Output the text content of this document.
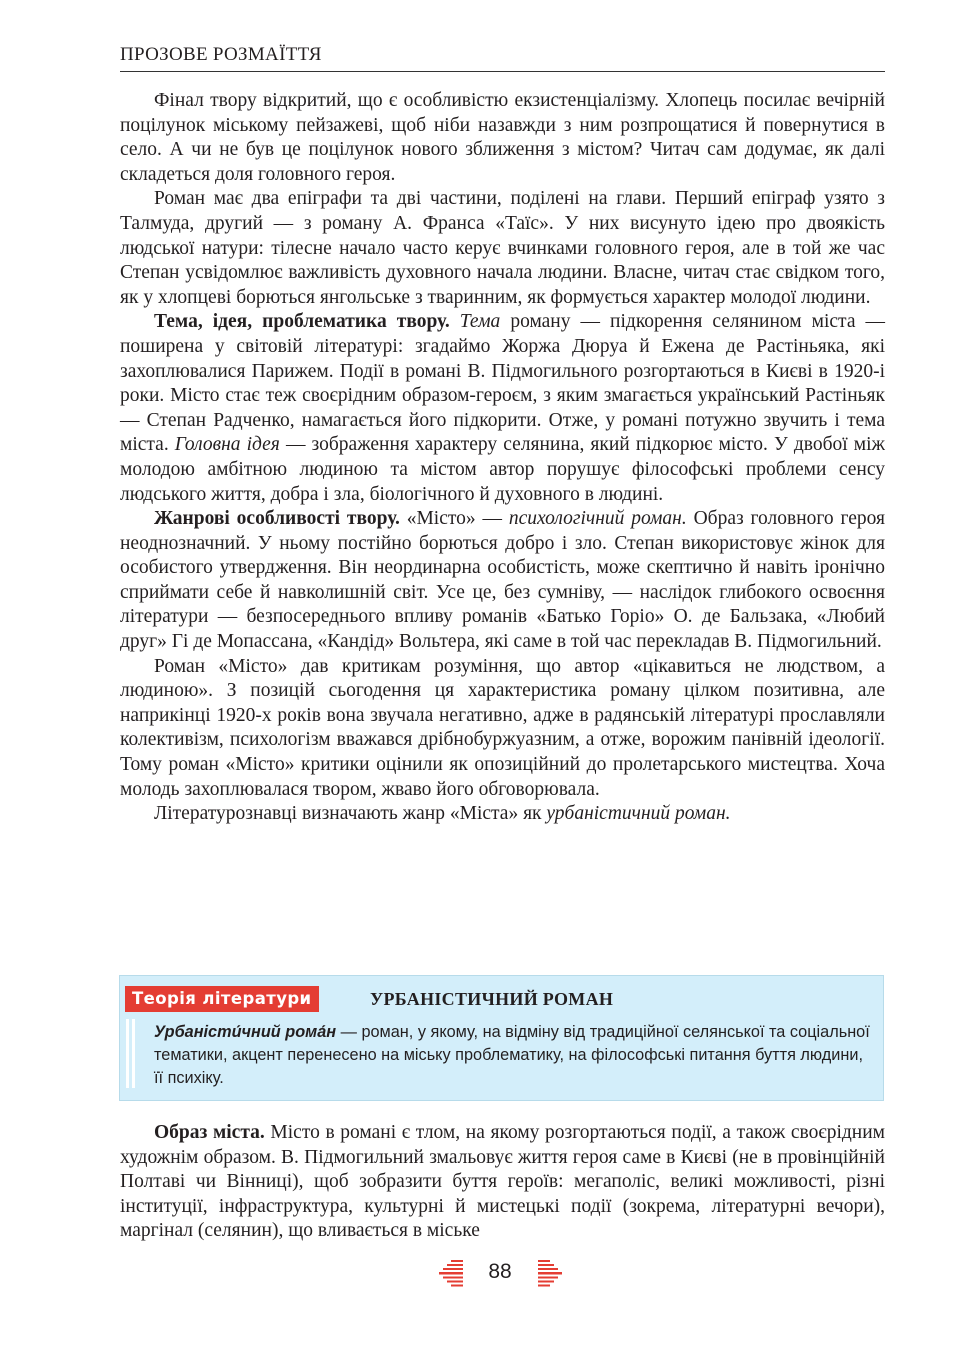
ПРОЗОВЕ РОЗМАЇТТЯ

Фінал твору відкритий, що є особливістю екзистенціалізму. Хлопець посилає вечірній поцілунок міському пейзажеві, щоб ніби назавжди з ним розпрощатися й повернутися в село. А чи не був це поцілунок нового зближення з містом? Читач сам додумає, як далі складеться доля головного героя.

Роман має два епіграфи та дві частини, поділені на глави. Перший епіграф узято з Талмуда, другий — з роману А. Франса «Таїс». У них висунуто ідею про двоякість людської натури: тілесне начало часто керує вчинками головного героя, але в той же час Степан усвідомлює важливість духовного начала людини. Власне, читач стає свідком того, як у хлопцеві борються янгольське з тваринним, як формується характер молодої людини.

Тема, ідея, проблематика твору. Тема роману — підкорення селянином міста — поширена у світовій літературі: згадаймо Жоржа Дюруа й Ежена де Растіньяка, які захоплювалися Парижем. Події в романі В. Підмогильного розгортаються в Києві в 1920-і роки. Місто стає теж своєрідним образом-героєм, з яким змагається український Растіньяк — Степан Радченко, намагається його підкорити. Отже, у романі потужно звучить і тема міста. Головна ідея — зображення характеру селянина, який підкорює місто. У двобої між молодою амбітною людиною та містом автор порушує філософські проблеми сенсу людського життя, добра і зла, біологічного й духовного в людині.

Жанрові особливості твору. «Місто» — психологічний роман. Образ головного героя неоднозначний. У ньому постійно борються добро і зло. Степан використовує жінок для особистого утвердження. Він неординарна особистість, може скептично й навіть іронічно сприймати себе й навколишній світ. Усе це, без сумніву, — наслідок глибокого освоєння літератури — безпосереднього впливу романів «Батько Горіо» О. де Бальзака, «Любий друг» Гі де Мопассана, «Кандід» Вольтера, які саме в той час перекладав В. Підмогильний.

Роман «Місто» дав критикам розуміння, що автор «цікавиться не людством, а людиною». З позицій сьогодення ця характеристика роману цілком позитивна, але наприкінці 1920-х років вона звучала негативно, адже в радянській літературі прославляли колективізм, психологізм вважався дрібнобуржуазним, а отже, ворожим панівній ідеології. Тому роман «Місто» критики оцінили як опозиційний до пролетарського мистецтва. Хоча молодь захоплювалася твором, жваво його обговорювала.

Літературознавці визначають жанр «Міста» як урбаністичний роман.

Теорія літератури	УРБАНІСТИЧНИЙ РОМАН

Урбаністи́чний рома́н — роман, у якому, на відміну від традиційної селянської та соціальної тематики, акцент перенесено на міську проблематику, на філософські питання буття людини, її психіку.

Образ міста. Місто в романі є тлом, на якому розгортаються події, а також своєрідним художнім образом. В. Підмогильний змальовує життя героя саме в Києві (не в провінційній Полтаві чи Вінниці), щоб зобразити буття героїв: мегаполіс, великі можливості, різні інституції, інфраструктура, культурні й мистецькі події (зокрема, літературні вечори), маргінал (селянин), що вливається в міське

88
